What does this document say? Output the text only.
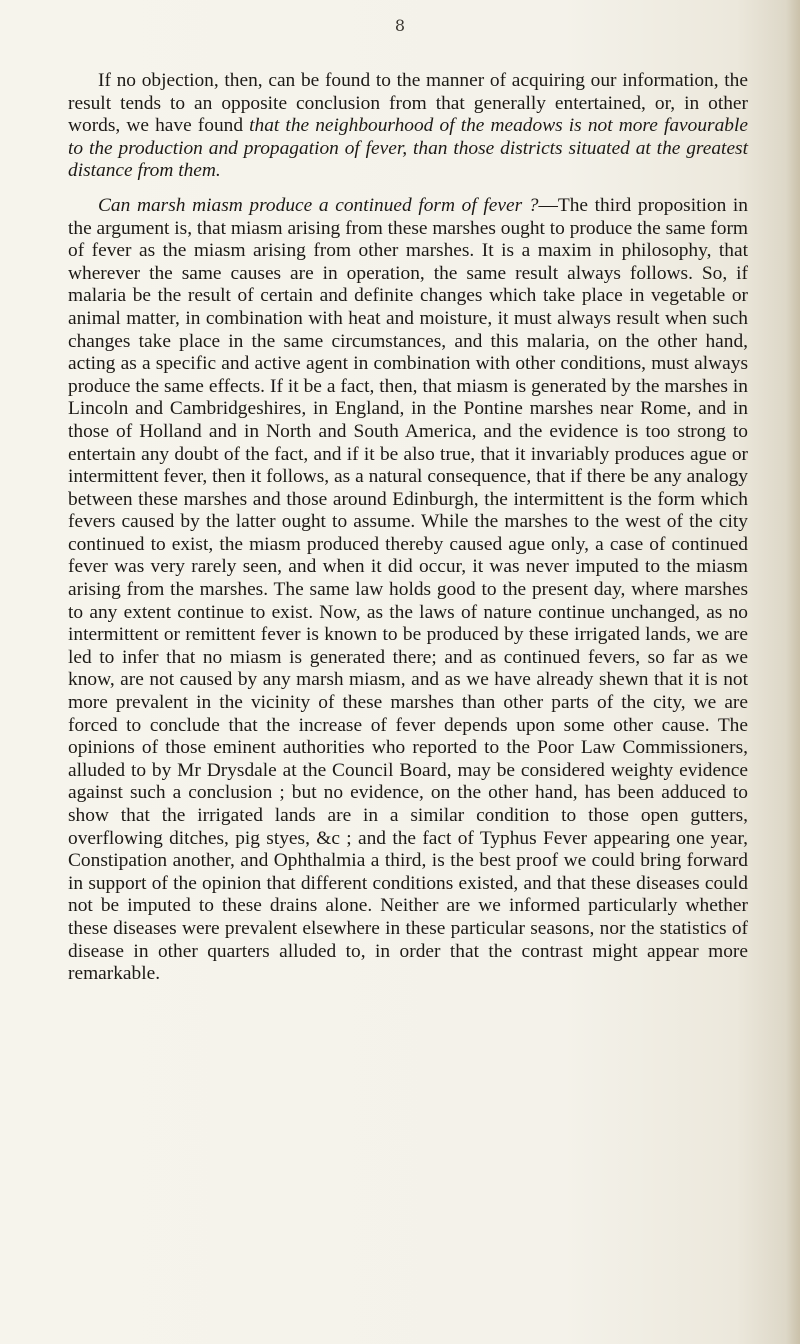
8

If no objection, then, can be found to the manner of acquiring our information, the result tends to an opposite conclusion from that generally entertained, or, in other words, we have found that the neighbourhood of the meadows is not more favourable to the production and propagation of fever, than those districts situated at the greatest distance from them.

Can marsh miasm produce a continued form of fever ?—The third proposition in the argument is, that miasm arising from these marshes ought to produce the same form of fever as the miasm arising from other marshes. It is a maxim in philosophy, that wherever the same causes are in operation, the same result always follows. So, if malaria be the result of certain and definite changes which take place in vegetable or animal matter, in combination with heat and moisture, it must always result when such changes take place in the same circumstances, and this malaria, on the other hand, acting as a specific and active agent in combination with other conditions, must always produce the same effects. If it be a fact, then, that miasm is generated by the marshes in Lincoln and Cambridgeshires, in England, in the Pontine marshes near Rome, and in those of Holland and in North and South America, and the evidence is too strong to entertain any doubt of the fact, and if it be also true, that it invariably produces ague or intermittent fever, then it follows, as a natural consequence, that if there be any analogy between these marshes and those around Edinburgh, the intermittent is the form which fevers caused by the latter ought to assume. While the marshes to the west of the city continued to exist, the miasm produced thereby caused ague only, a case of continued fever was very rarely seen, and when it did occur, it was never imputed to the miasm arising from the marshes. The same law holds good to the present day, where marshes to any extent continue to exist. Now, as the laws of nature continue unchanged, as no intermittent or remittent fever is known to be produced by these irrigated lands, we are led to infer that no miasm is generated there; and as continued fevers, so far as we know, are not caused by any marsh miasm, and as we have already shewn that it is not more prevalent in the vicinity of these marshes than other parts of the city, we are forced to conclude that the increase of fever depends upon some other cause. The opinions of those eminent authorities who reported to the Poor Law Commissioners, alluded to by Mr Drysdale at the Council Board, may be considered weighty evidence against such a conclusion ; but no evidence, on the other hand, has been adduced to show that the irrigated lands are in a similar condition to those open gutters, overflowing ditches, pig styes, &c ; and the fact of Typhus Fever appearing one year, Constipation another, and Ophthalmia a third, is the best proof we could bring forward in support of the opinion that different conditions existed, and that these diseases could not be imputed to these drains alone. Neither are we informed particularly whether these diseases were prevalent elsewhere in these particular seasons, nor the statistics of disease in other quarters alluded to, in order that the contrast might appear more remarkable.
